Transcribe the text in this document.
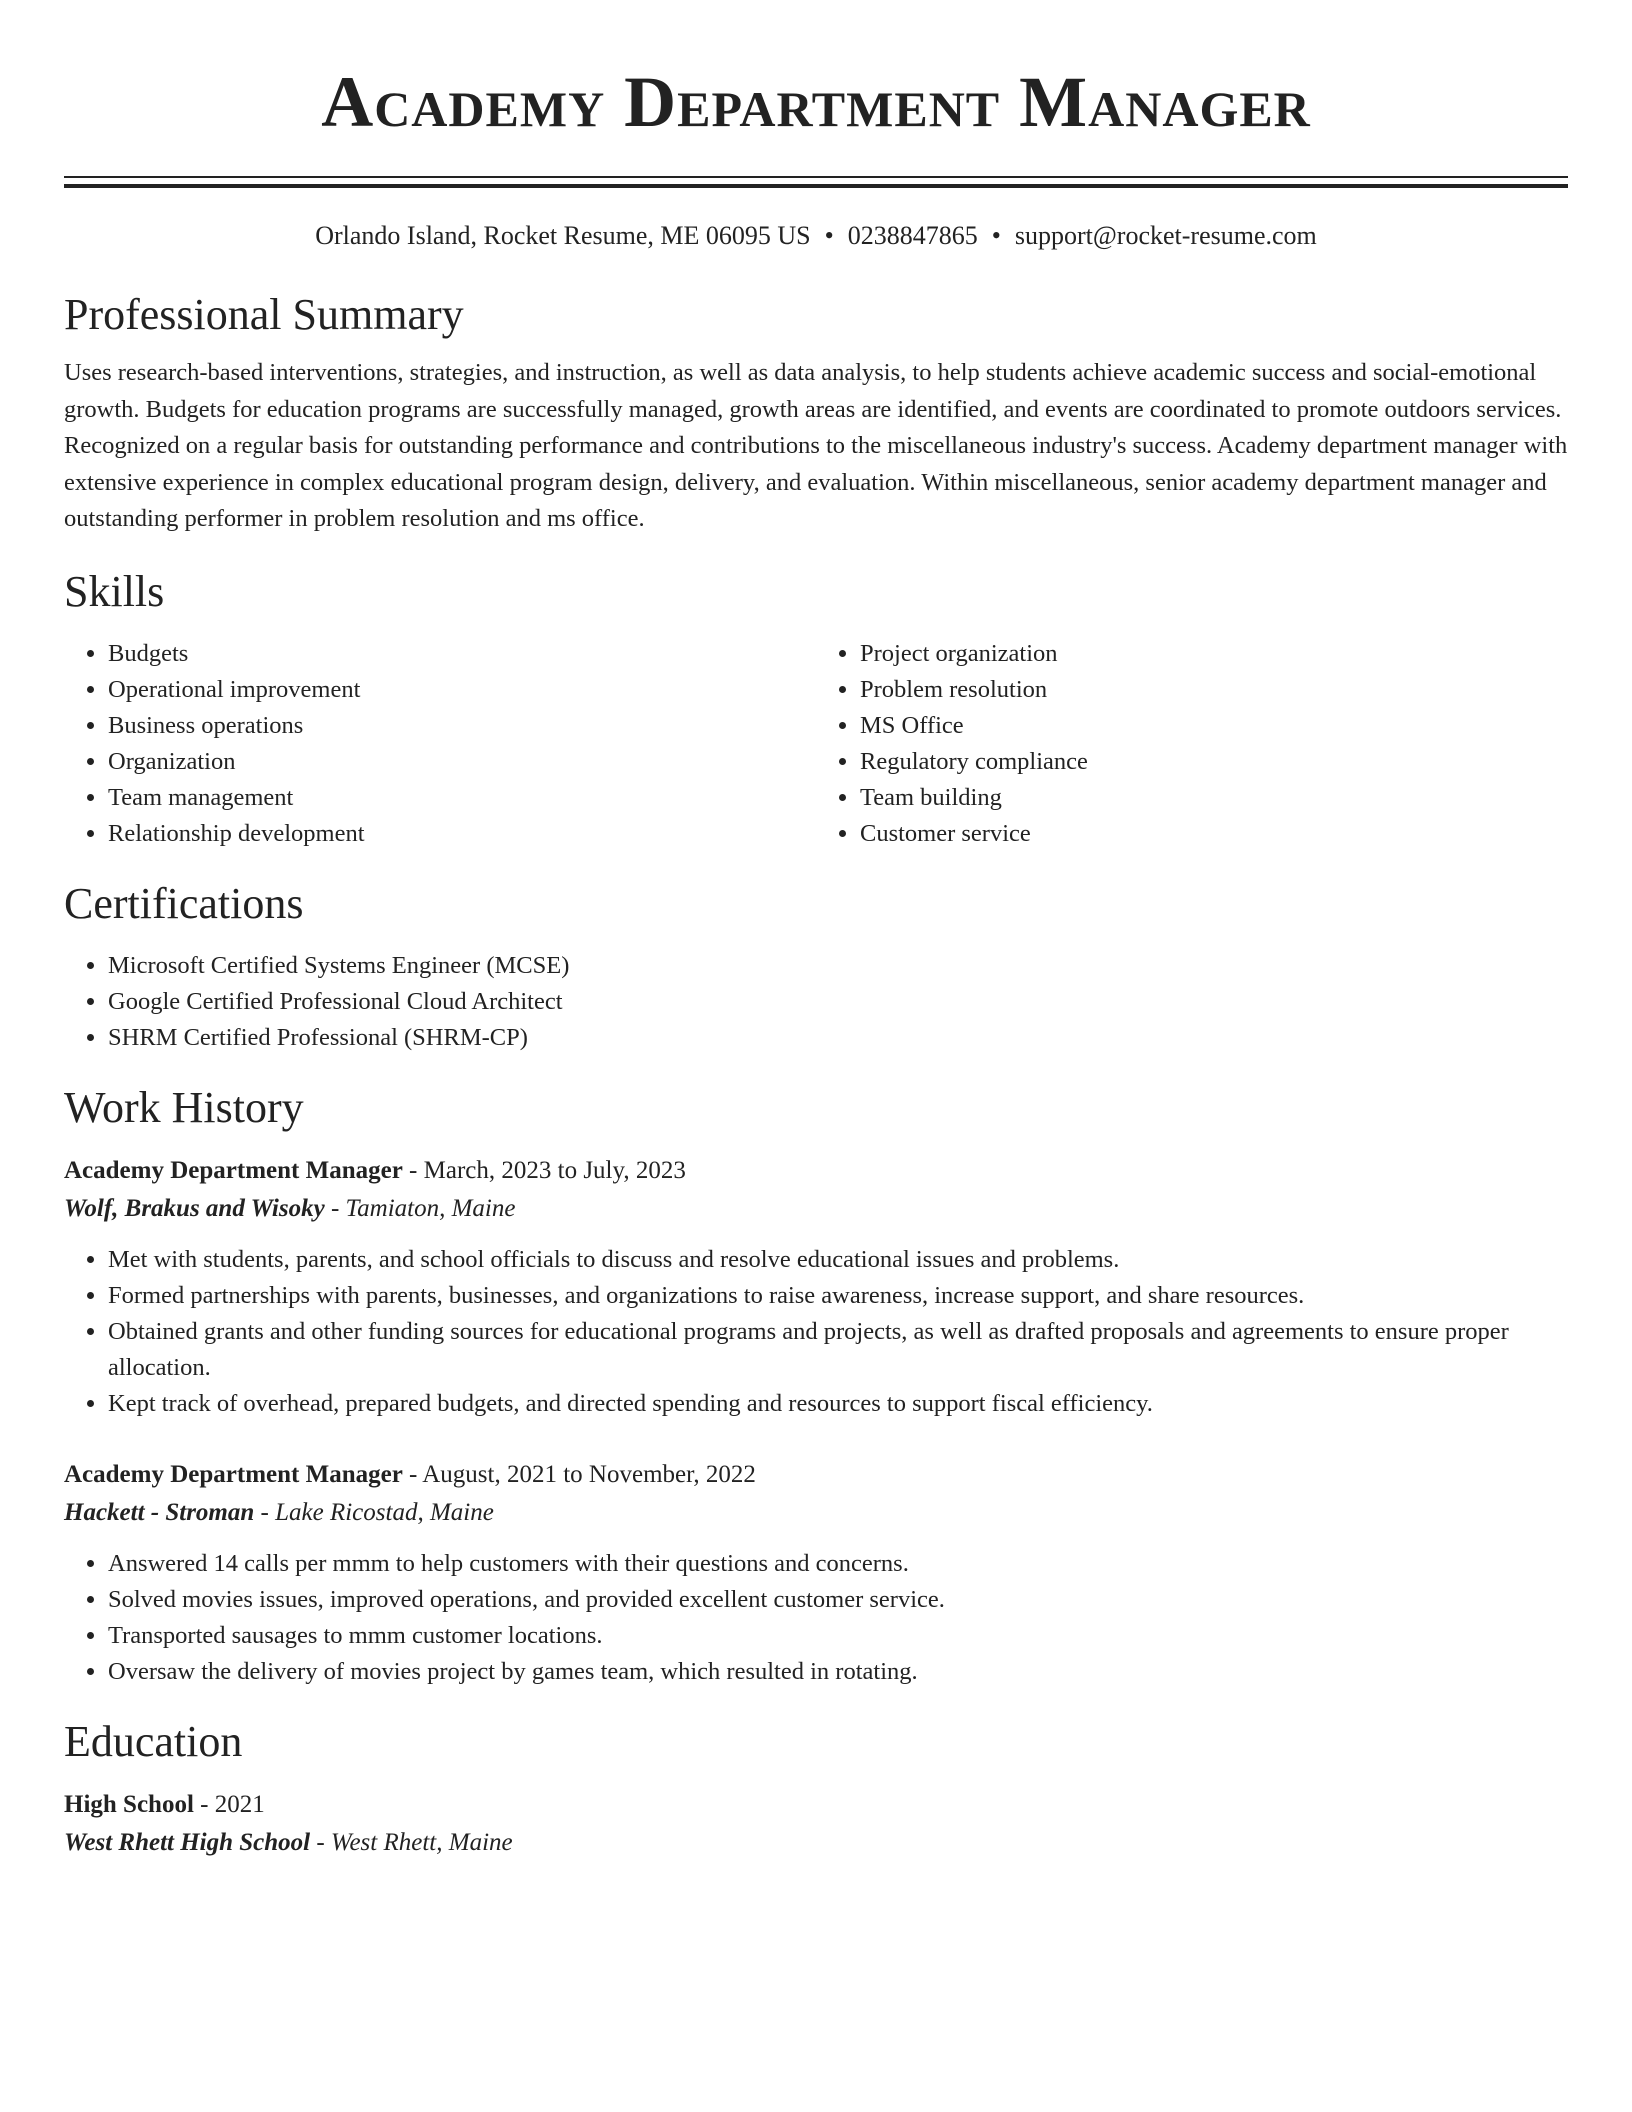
Academy Department Manager
Orlando Island, Rocket Resume, ME 06095 US • 0238847865 • support@rocket-resume.com
Professional Summary

Uses research-based interventions, strategies, and instruction, as well as data analysis, to help students achieve academic success and social-emotional growth. Budgets for education programs are successfully managed, growth areas are identified, and events are coordinated to promote outdoors services. Recognized on a regular basis for outstanding performance and contributions to the miscellaneous industry's success. Academy department manager with extensive experience in complex educational program design, delivery, and evaluation. Within miscellaneous, senior academy department manager and outstanding performer in problem resolution and ms office.

Skills
• Budgets
• Operational improvement
• Business operations
• Organization
• Team management
• Relationship development
• Project organization
• Problem resolution
• MS Office
• Regulatory compliance
• Team building
• Customer service
Certifications
• Microsoft Certified Systems Engineer (MCSE)
• Google Certified Professional Cloud Architect
• SHRM Certified Professional (SHRM-CP)
Work History
Academy Department Manager - March, 2023 to July, 2023
Wolf, Brakus and Wisoky - Tamiaton, Maine
• Met with students, parents, and school officials to discuss and resolve educational issues and problems.
• Formed partnerships with parents, businesses, and organizations to raise awareness, increase support, and share resources.
• Obtained grants and other funding sources for educational programs and projects, as well as drafted proposals and agreements to ensure proper allocation.
• Kept track of overhead, prepared budgets, and directed spending and resources to support fiscal efficiency.
Academy Department Manager - August, 2021 to November, 2022
Hackett - Stroman - Lake Ricostad, Maine
• Answered 14 calls per mmm to help customers with their questions and concerns.
• Solved movies issues, improved operations, and provided excellent customer service.
• Transported sausages to mmm customer locations.
• Oversaw the delivery of movies project by games team, which resulted in rotating.
Education
High School - 2021
West Rhett High School - West Rhett, Maine
